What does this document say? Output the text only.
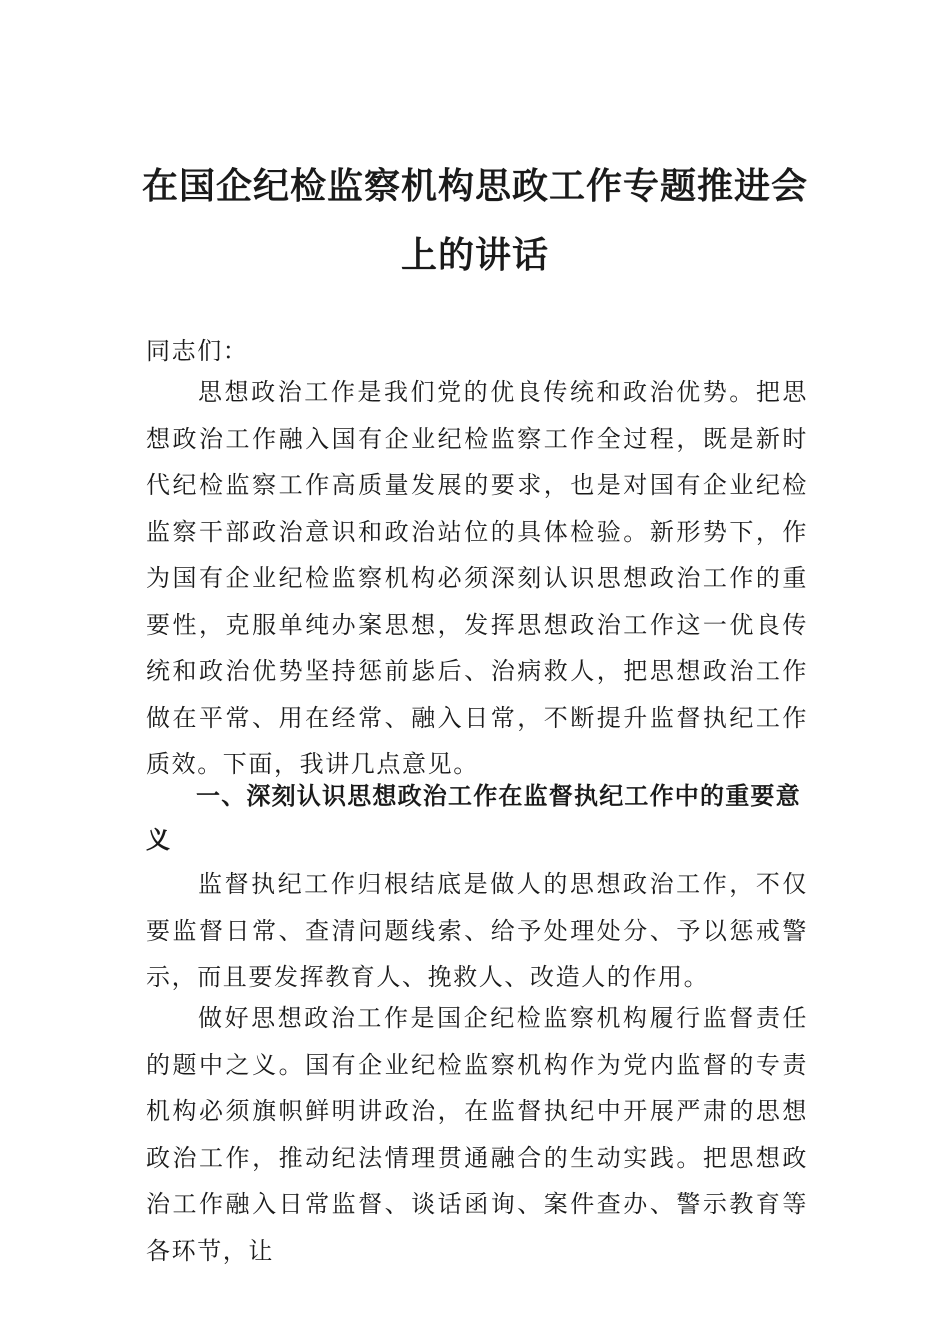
在国企纪检监察机构思政工作专题推进会
上的讲话
同志们：
思想政治工作是我们党的优良传统和政治优势。把思想政治工作融入国有企业纪检监察工作全过程，既是新时代纪检监察工作高质量发展的要求，也是对国有企业纪检监察干部政治意识和政治站位的具体检验。新形势下，作为国有企业纪检监察机构必须深刻认识思想政治工作的重要性，克服单纯办案思想，发挥思想政治工作这一优良传统和政治优势坚持惩前毖后、治病救人，把思想政治工作做在平常、用在经常、融入日常，不断提升监督执纪工作质效。下面，我讲几点意见。
一、深刻认识思想政治工作在监督执纪工作中的重要意义
监督执纪工作归根结底是做人的思想政治工作，不仅要监督日常、查清问题线索、给予处理处分、予以惩戒警示，而且要发挥教育人、挽救人、改造人的作用。
做好思想政治工作是国企纪检监察机构履行监督责任的题中之义。国有企业纪检监察机构作为党内监督的专责机构必须旗帜鲜明讲政治，在监督执纪中开展严肃的思想政治工作，推动纪法情理贯通融合的生动实践。把思想政治工作融入日常监督、谈话函询、案件查办、警示教育等各环节，让
